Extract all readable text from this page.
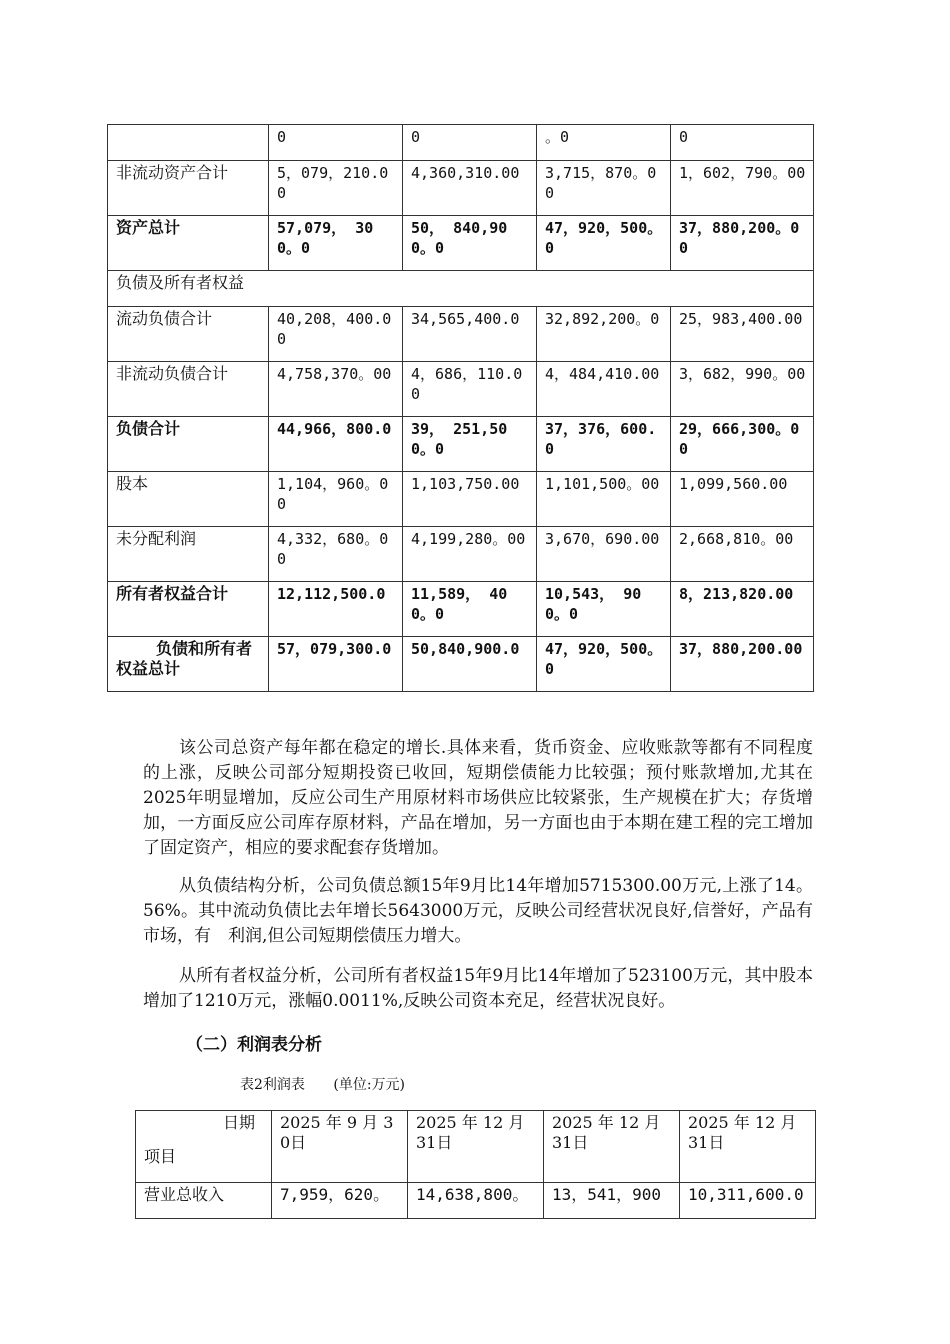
	0	0	。0	0
非流动资产合计	5，079，210.00	4,360,310.00	3,715，870。00	1，602，790。00
资产总计	57,079， 300。0	50， 840,900。0	47，920，500。0	37，880,200。00
负债及所有者权益				
流动负债合计	40,208，400.00	34,565,400.0	32,892,200。0	25，983,400.00
非流动负债合计	4,758,370。00	4，686，110.00	4，484,410.00	3，682，990。00
负债合计	44,966，800.0	39， 251,500。0	37，376，600.0	29，666,300。00
股本	1,104，960。00	1,103,750.00	1,101,500。00	1,099,560.00
未分配利润	4,332，680。00	4,199,280。00	3,670，690.00	2,668,810。00
所有者权益合计	12,112,500.0	11,589， 400。0	10,543， 900。0	8，213,820.00
负债和所有者权益总计	57，079,300.0	50,840,900.0	47，920，500。0	37，880,200.00

该公司总资产每年都在稳定的增长.具体来看，货币资金、应收账款等都有不同程度的上涨，反映公司部分短期投资已收回，短期偿债能力比较强；预付账款增加,尤其在2025年明显增加，反应公司生产用原材料市场供应比较紧张，生产规模在扩大；存货增加，一方面反应公司库存原材料，产品在增加，另一方面也由于本期在建工程的完工增加了固定资产，相应的要求配套存货增加。

从负债结构分析，公司负债总额15年9月比14年增加5715300.00万元,上涨了14。56%。其中流动负债比去年增长5643000万元，反映公司经营状况良好,信誉好，产品有市场，有　利润,但公司短期偿债压力增大。

从所有者权益分析，公司所有者权益15年9月比14年增加了523100万元，其中股本增加了1210万元，涨幅0.0011%,反映公司资本充足，经营状况良好。

（二）利润表分析

表2利润表 (单位:万元)

日期
项目	2025 年 9 月 30日	2025 年 12 月 31日	2025 年 12 月 31日	2025 年 12 月 31日
营业总收入	7,959，620。	14,638,800。	13，541，900	10,311,600.0
